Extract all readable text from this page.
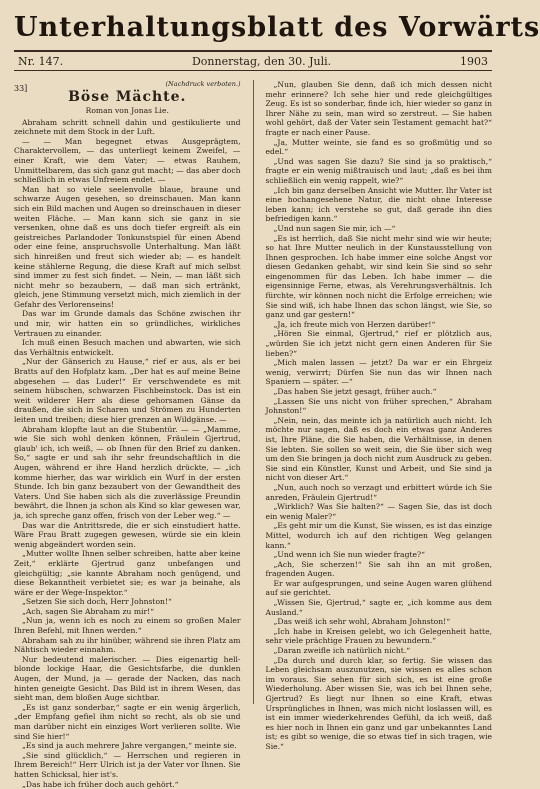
Unterhaltungsblatt des Vorwärts
Nr. 147.	Donnerstag, den 30. Juli.	1903
33]	(Nachdruck verboten.)
Böse Mächte.
Roman von Jonas Lie.

Abraham schritt schnell dahin und gestikulierte und zeichnete mit dem Stock in der Luft.

— — Man begegnet etwas Ausgeprägtem, Charaktervollem, — das unterliegt keinem Zweifel, — einer Kraft, wie dem Vater; — etwas Rauhem, Unmittelbarem, das sich ganz gut macht; — das aber doch schließlich in etwas Unfreiem endet. —

Man hat so viele seelenvolle blaue, braune und schwarze Augen gesehen, so dreinschauen. Man kann sich ein Bild machen und Augen so dreinschauen in dieser weiten Fläche. — Man kann sich sie ganz in sie versenken, ohne daß es uns doch tiefer ergreift als ein geistreiches Parlandoder Tonkunstspiel für einen Abend oder eine feine, anspruchsvolle Unterhaltung. Man läßt sich hinreißen und freut sich wieder ab; — es handelt keine stählerne Regung, die diese Kraft auf mich selbst sind immer zu fest sich findet. — Nein, — man läßt sich nicht mehr so bezaubern, — daß man sich ertränkt, gleich, jene Stimmung versetzt mich, mich ziemlich in der Gefahr des Verlorenseins!

Das war im Grunde damals das Schöne zwischen ihr und mir, wir hatten ein so gründliches, wirkliches Vertrauen zu einander.

Ich muß einen Besuch machen und abwarten, wie sich das Verhältnis entwickelt.

„Nur der Gänserich zu Hause,“ rief er aus, als er bei Bratts auf den Hofplatz kam. „Der hat es auf meine Beine abgesehen — das Luder!“ Er verschwendete es mit seinem hübschen, schwarzen Fischbeinstock. Das ist ein weit wilderer Herr als diese gehorsamen Gänse da draußen, die sich in Scharen und Strömen zu Hunderten leiten und treiben; diese hier grenzen an Wildgänse. —

Abraham klopfte laut an die Stubentür. — — „Mamme, wie Sie sich wohl denken können, Fräulein Gjertrud, glaub' ich, ich weiß, — ob Ihnen für den Brief zu danken. So,“ sagte er und sah ihr sehr freundschaftlich in die Augen, während er ihre Hand herzlich drückte, — „ich komme hierher, das war wirklich ein Wurf in der ersten Stunde. Ich bin ganz bezaubert von der Gewandtheit des Vaters. Und Sie haben sich als die zuverlässige Freundin bewährt, die Ihnen ja schon als Kind so klar gewesen war, ja, ich spreche ganz offen, frisch von der Leber weg.“ —

Das war die Antrittsrede, die er sich einstudiert hatte. Wäre Frau Bratt zugegen gewesen, würde sie ein klein wenig abgeändert worden sein.

„Mutter wollte Ihnen selber schreiben, hatte aber keine Zeit,“ erklärte Gjertrud ganz unbefangen und gleichgültig; „sie kannte Abraham noch genügend, und diese Bekanntheit verbietet sie; es war ja beinahe, als wäre er der Wege-Inspektor.“

„Setzen Sie sich doch, Herr Johnston!“

„Ach, sagen Sie Abraham zu mir!“

„Nun ja, wenn ich es noch zu einem so großen Maler Ihren Befehl, mit Ihnen werden.“

Abraham sah zu ihr hinüber, während sie ihren Platz am Nähtisch wieder einnahm.

Nur bedeutend malerischer. — Dies eigenartig hell-blonde lockige Haar, die Gesichtsfarbe, die dunklen Augen, der Mund, ja — gerade der Nacken, das nach hinten geneigte Gesicht. Das Bild ist in ihrem Wesen, das sieht man, dem bloßen Auge sichtbar.

„Es ist ganz sonderbar,“ sagte er ein wenig ärgerlich, „der Empfang gefiel ihm nicht so recht, als ob sie und man darüber nicht ein einziges Wort verlieren sollte. Wie sind Sie hier!“

„Es sind ja auch mehrere Jahre vergangen,“ meinte sie.

„Sie sind glücklich,“ — Herrschen und regieren in Ihrem Bereich!“ Herr Ulrich ist ja der Vater vor Ihnen. Sie hatten Schicksal, hier ist's.

„Das habe ich früher doch auch gehört.“

„Nun, glauben Sie denn, daß ich mich dessen nicht mehr erinnere? Ich sehe hier und rede gleichgültiges Zeug. Es ist so sonderbar, finde ich, hier wieder so ganz in Ihrer Nähe zu sein, man wird so zerstreut. — Sie haben wohl gehört, daß der Vater sein Testament gemacht hat?“ fragte er nach einer Pause.

„Ja, Mutter weinte, sie fand es so großmütig und so edel.“

„Und was sagen Sie dazu? Sie sind ja so praktisch,“ fragte er ein wenig mißtrauisch und laut; „daß es bei ihm schließlich ein wenig rappelt, wie?“

„Ich bin ganz derselben Ansicht wie Mutter. Ihr Vater ist eine hochangesehene Natur, die nicht ohne Interesse leben kann; ich verstehe so gut, daß gerade ihn dies befriedigen kann.“

„Und nun sagen Sie mir, ich —“

„Es ist herrlich, daß Sie nicht mehr sind wie wir heute; so hat Ihre Mutter neulich in der Kunstausstellung von Ihnen gesprochen. Ich habe immer eine solche Angst vor diesen Gedanken gehabt, wir sind kein Sie sind so sehr eingenommen für das Leben. Ich habe immer — die eigensinnige Ferne, etwas, als Verehrungsverhältnis. Ich fürchte, wir können noch nicht die Erfolge erreichen; wie Sie sind wiß, ich habe Ihnen das schon längst, wie Sie, so ganz und gar gestern!“

„Ja, ich freute mich von Herzen darüber!“

„Hören Sie einmal, Gjertrud,“ rief er plötzlich aus, „würden Sie ich jetzt nicht gern einen Anderen für Sie lieben?“

„Mich malen lassen — jetzt? Da war er ein Ehrgeiz wenig, verwirrt; Dürfen Sie nun das wir Ihnen nach Spaniern — später. —“

„Das haben Sie jetzt gesagt, früher auch.“

„Lassen Sie uns nicht von früher sprechen,“ Abraham Johnston!“

„Nein, nein, das meinte ich ja natürlich auch nicht. Ich möchte nur sagen, daß es doch ein etwas ganz Anderes ist, Ihre Pläne, die Sie haben, die Verhältnisse, in denen Sie lebten. Sie sollen so weit sein, die Sie über sich weg um den Sie bringen ja doch nicht zum Ausdruck zu geben. Sie sind ein Künstler, Kunst und Arbeit, und Sie sind ja nicht von dieser Art.“

„Nun, auch noch so verzagt und erbittert würde ich Sie anreden, Fräulein Gjertrud!“

„Wirklich? Was Sie halten?“ — Sagen Sie, das ist doch ein wenig Maler?“

„Es geht mir um die Kunst, Sie wissen, es ist das einzige Mittel, wodurch ich auf den richtigen Weg gelangen kann.“

„Und wenn ich Sie nun wieder fragte?“

„Ach, Sie scherzen!“ Sie sah ihn an mit großen, fragenden Augen.

Er war aufgesprungen, und seine Augen waren glühend auf sie gerichtet.

„Wissen Sie, Gjertrud,“ sagte er, „ich komme aus dem Ausland.“

„Das weiß ich sehr wohl, Abraham Johnston!“

„Ich habe in Kreisen gelebt, wo ich Gelegenheit hatte, sehr viele prächtige Frauen zu bewundern.“

„Daran zweifle ich natürlich nicht.“

„Da durch und durch klar, so fertig. Sie wissen das Leben gleichsam auszunutzen, sie wissen es alles schon im voraus. Sie sehen für sich sich, es ist eine große Wiederholung. Aber wissen Sie, was ich bei Ihnen sehe, Gjertrud? Es liegt nur Ihnen so eine Kraft, etwas Ursprüngliches in Ihnen, was mich nicht loslassen will, es ist ein immer wiederkehrendes Gefühl, da ich weiß, daß es hier noch in Ihnen ein ganz und gar unbekanntes Land ist; es gibt so wenige, die so etwas tief in sich tragen, wie Sie.“
